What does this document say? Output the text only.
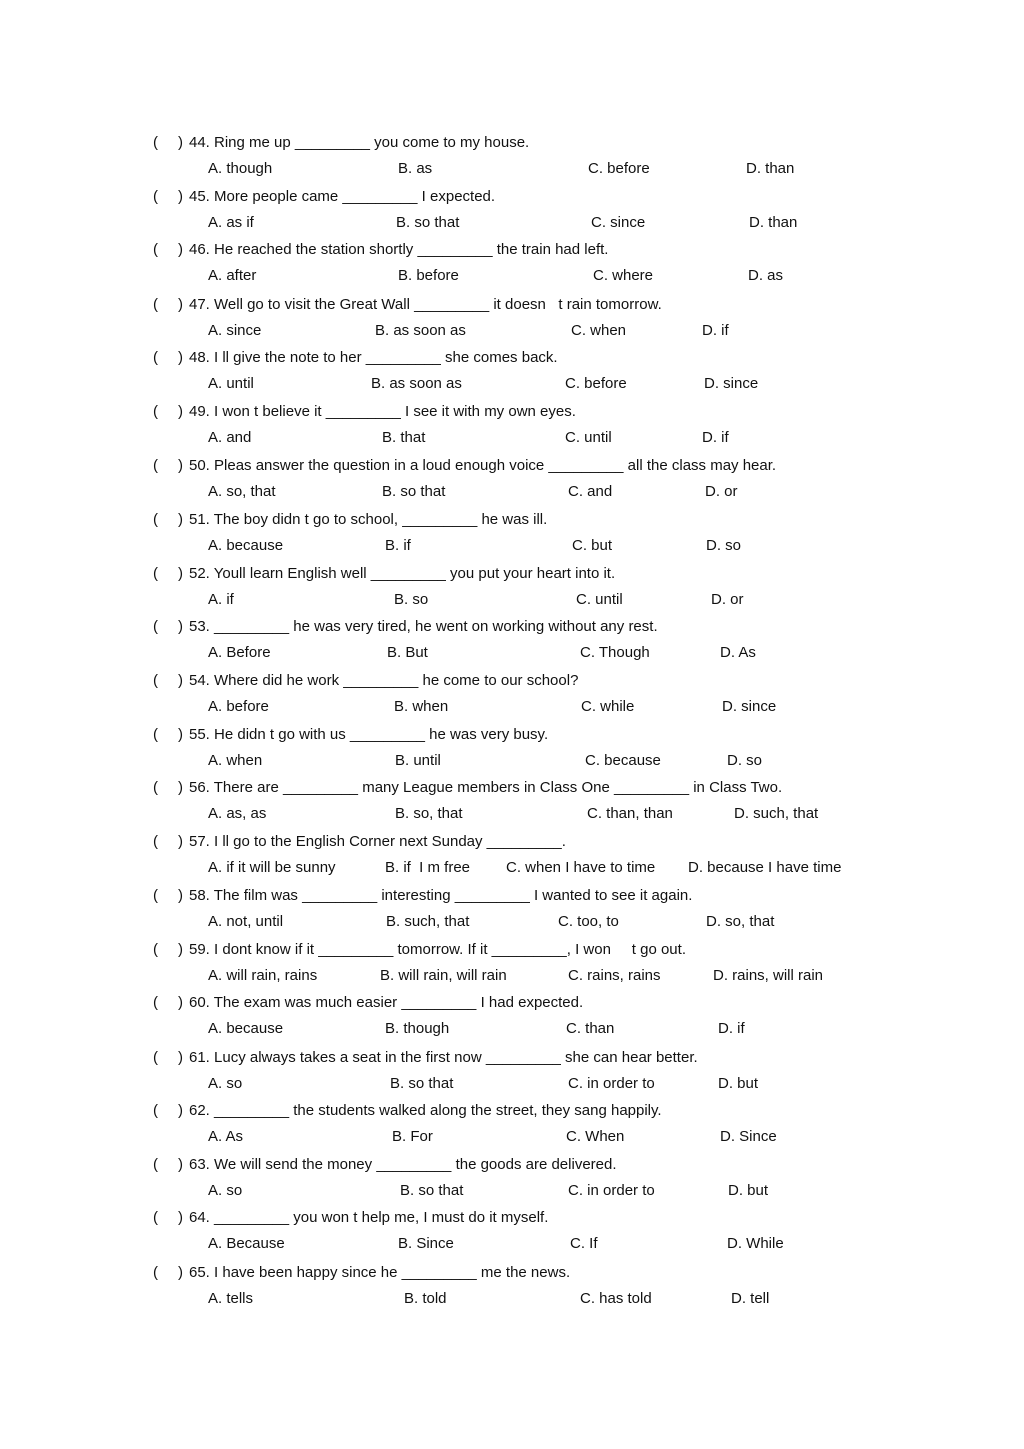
( ) 44. Ring me up _________ you come to my house.
A. though	B. as	C. before	D. than
( ) 45. More people came _________ I expected.
A. as if	B. so that	C. since	D. than
( ) 46. He reached the station shortly _________ the train had left.
A. after	B. before	C. where	D. as
( ) 47. Well go to visit the Great Wall _________ it doesn   t rain tomorrow.
A. since	B. as soon as	C. when	D. if
( ) 48. I ll give the note to her _________ she comes back.
A. until	B. as soon as	C. before	D. since
( ) 49. I won t believe it _________ I see it with my own eyes.
A. and	B. that	C. until	D. if
( ) 50. Pleas answer the question in a loud enough voice _________ all the class may hear.
A. so, that	B. so that	C. and	D. or
( ) 51. The boy didn t go to school, _________ he was ill.
A. because	B. if	C. but	D. so
( ) 52. Youll learn English well _________ you put your heart into it.
A. if	B. so	C. until	D. or
( ) 53. _________ he was very tired, he went on working without any rest.
A. Before	B. But	C. Though	D. As
( ) 54. Where did he work _________ he come to our school?
A. before	B. when	C. while	D. since
( ) 55. He didn t go with us _________ he was very busy.
A. when	B. until	C. because	D. so
( ) 56. There are _________ many League members in Class One _________ in Class Two.
A. as, as	B. so, that	C. than, than	D. such, that
( ) 57. I ll go to the English Corner next Sunday _________.
A. if it will be sunny	B. if  I m free C. when I have to time D. because I have time
( ) 58. The film was _________ interesting _________ I wanted to see it again.
A. not, until	B. such, that	C. too, to	D. so, that
( ) 59. I dont know if it _________ tomorrow. If it _________, I won     t go out.
A. will rain, rains	B. will rain, will rain	C. rains, rains	D. rains, will rain
( ) 60. The exam was much easier _________ I had expected.
A. because	B. though	C. than	D. if
( ) 61. Lucy always takes a seat in the first now _________ she can hear better.
A. so	B. so that	C. in order to	D. but
( ) 62. _________ the students walked along the street, they sang happily.
A. As	B. For	C. When	D. Since
( ) 63. We will send the money _________ the goods are delivered.
A. so	B. so that	C. in order to	D. but
( ) 64. _________ you won t help me, I must do it myself.
A. Because	B. Since	C. If	D. While
( ) 65. I have been happy since he _________ me the news.
A. tells	B. told	C. has told	D. tell
